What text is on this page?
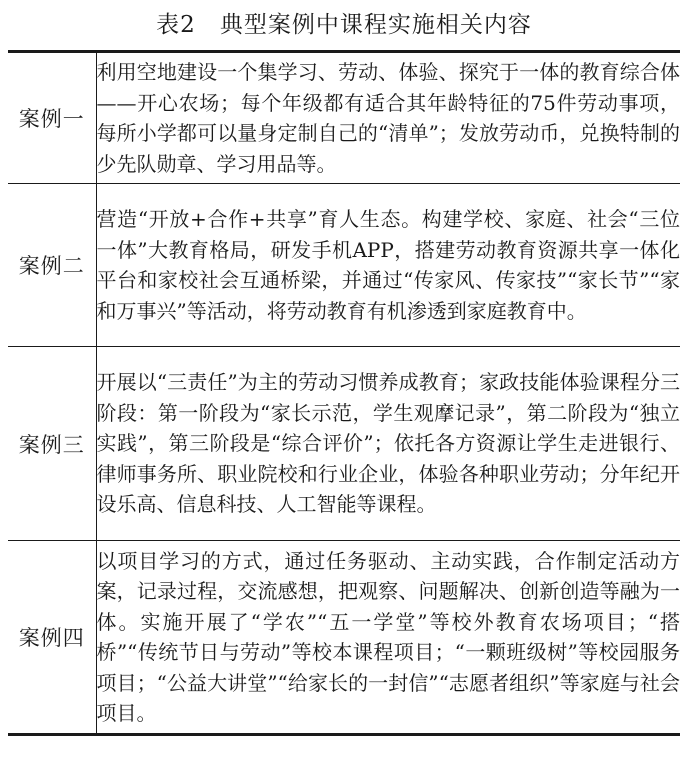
表2 典型案例中课程实施相关内容
案例一	利用空地建设一个集学习、劳动、体验、探究于一体的教育综合体——开心农场；每个年级都有适合其年龄特征的75件劳动事项，每所小学都可以量身定制自己的“清单”；发放劳动币，兑换特制的少先队勋章、学习用品等。
案例二	营造“开放+合作+共享”育人生态。构建学校、家庭、社会“三位一体”大教育格局，研发手机APP，搭建劳动教育资源共享一体化平台和家校社会互通桥梁，并通过“传家风、传家技”“家长节”“家和万事兴”等活动，将劳动教育有机渗透到家庭教育中。
案例三	开展以“三责任”为主的劳动习惯养成教育；家政技能体验课程分三阶段：第一阶段为“家长示范，学生观摩记录”，第二阶段为“独立实践”，第三阶段是“综合评价”；依托各方资源让学生走进银行、律师事务所、职业院校和行业企业，体验各种职业劳动；分年纪开设乐高、信息科技、人工智能等课程。
案例四	以项目学习的方式，通过任务驱动、主动实践，合作制定活动方案，记录过程，交流感想，把观察、问题解决、创新创造等融为一体。实施开展了“学农”“五一学堂”等校外教育农场项目；“搭桥”“传统节日与劳动”等校本课程项目；“一颗班级树”等校园服务项目；“公益大讲堂”“给家长的一封信”“志愿者组织”等家庭与社会项目。
